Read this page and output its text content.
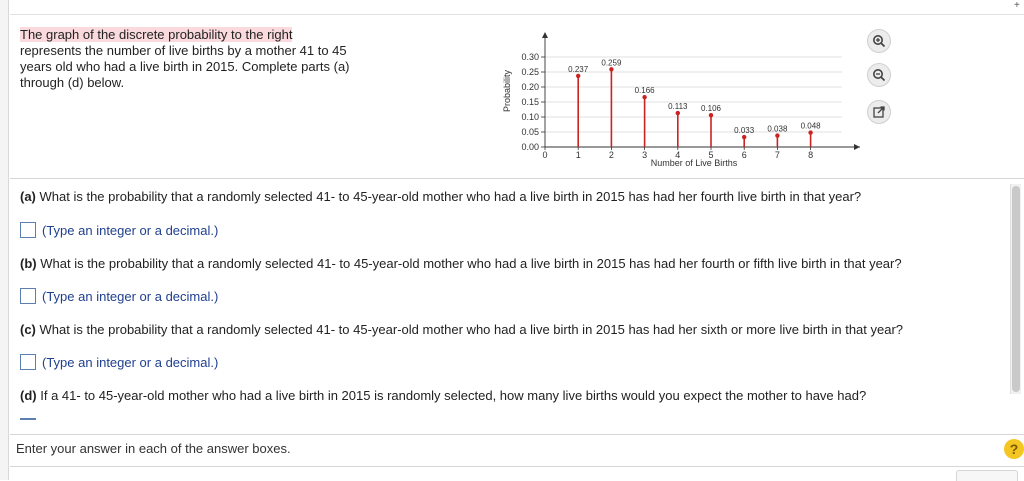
+
The graph of the discrete probability to the right represents the number of live births by a mother 41 to 45 years old who had a live birth in 2015. Complete parts (a) through (d) below.
0.00
0.05
0.10
0.15
0.20
0.25
0.30
0	1	2	3	4	5	6	7	8
0.237
0.259
0.166
0.113 0.106
0.033 0.038 0.048
Probability
Number of Live Births
(a) What is the probability that a randomly selected 41- to 45-year-old mother who had a live birth in 2015 has had her fourth live birth in that year?
(Type an integer or a decimal.)
(b) What is the probability that a randomly selected 41- to 45-year-old mother who had a live birth in 2015 has had her fourth or fifth live birth in that year?
(Type an integer or a decimal.)
(c) What is the probability that a randomly selected 41- to 45-year-old mother who had a live birth in 2015 has had her sixth or more live birth in that year?
(Type an integer or a decimal.)
(d) If a 41- to 45-year-old mother who had a live birth in 2015 is randomly selected, how many live births would you expect the mother to have had?
Enter your answer in each of the answer boxes.	?
